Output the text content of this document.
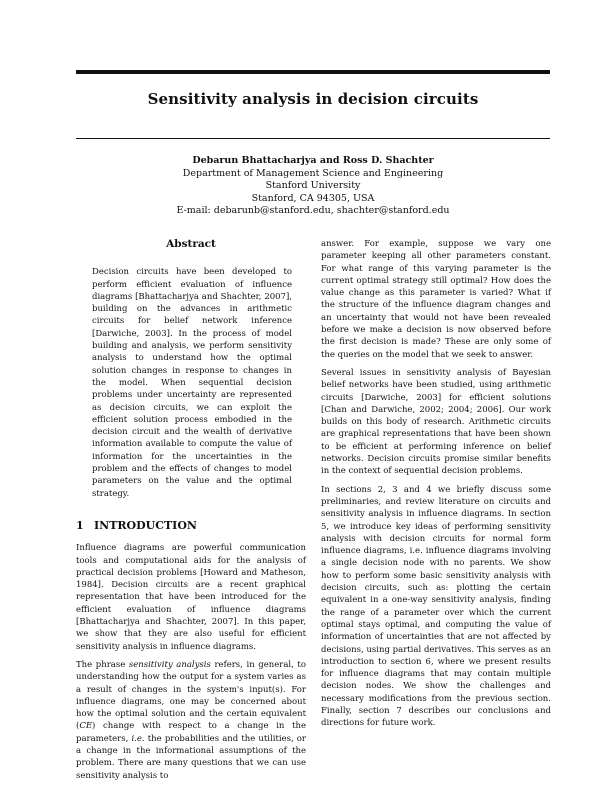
Sensitivity analysis in decision circuits
Debarun Bhattacharjya and Ross D. Shachter
Department of Management Science and Engineering
Stanford University
Stanford, CA 94305, USA
E-mail: debarunb@stanford.edu, shachter@stanford.edu
Abstract

Decision circuits have been developed to perform efficient evaluation of influence diagrams [Bhattacharjya and Shachter, 2007], building on the advances in arithmetic circuits for belief network inference [Darwiche, 2003]. In the process of model building and analysis, we perform sensitivity analysis to understand how the optimal solution changes in response to changes in the model. When sequential decision problems under uncertainty are represented as decision circuits, we can exploit the efficient solution process embodied in the decision circuit and the wealth of derivative information available to compute the value of information for the uncertainties in the problem and the effects of changes to model parameters on the value and the optimal strategy.

1 INTRODUCTION

Influence diagrams are powerful communication tools and computational aids for the analysis of practical decision problems [Howard and Matheson, 1984]. Decision circuits are a recent graphical representation that have been introduced for the efficient evaluation of influence diagrams [Bhattacharjya and Shachter, 2007]. In this paper, we show that they are also useful for efficient sensitivity analysis in influence diagrams.

The phrase sensitivity analysis refers, in general, to understanding how the output for a system varies as a result of changes in the system's input(s). For influence diagrams, one may be concerned about how the optimal solution and the certain equivalent (CE) change with respect to a change in the parameters, i.e. the probabilities and the utilities, or a change in the informational assumptions of the problem. There are many questions that we can use sensitivity analysis to

answer. For example, suppose we vary one parameter keeping all other parameters constant. For what range of this varying parameter is the current optimal strategy still optimal? How does the value change as this parameter is varied? What if the structure of the influence diagram changes and an uncertainty that would not have been revealed before we make a decision is now observed before the first decision is made? These are only some of the queries on the model that we seek to answer.

Several issues in sensitivity analysis of Bayesian belief networks have been studied, using arithmetic circuits [Darwiche, 2003] for efficient solutions [Chan and Darwiche, 2002; 2004; 2006]. Our work builds on this body of research. Arithmetic circuits are graphical representations that have been shown to be efficient at performing inference on belief networks. Decision circuits promise similar benefits in the context of sequential decision problems.

In sections 2, 3 and 4 we briefly discuss some preliminaries, and review literature on circuits and sensitivity analysis in influence diagrams. In section 5, we introduce key ideas of performing sensitivity analysis with decision circuits for normal form influence diagrams, i.e. influence diagrams involving a single decision node with no parents. We show how to perform some basic sensitivity analysis with decision circuits, such as: plotting the certain equivalent in a one-way sensitivity analysis, finding the range of a parameter over which the current optimal stays optimal, and computing the value of information of uncertainties that are not affected by decisions, using partial derivatives. This serves as an introduction to section 6, where we present results for influence diagrams that may contain multiple decision nodes. We show the challenges and necessary modifications from the previous section. Finally, section 7 describes our conclusions and directions for future work.
